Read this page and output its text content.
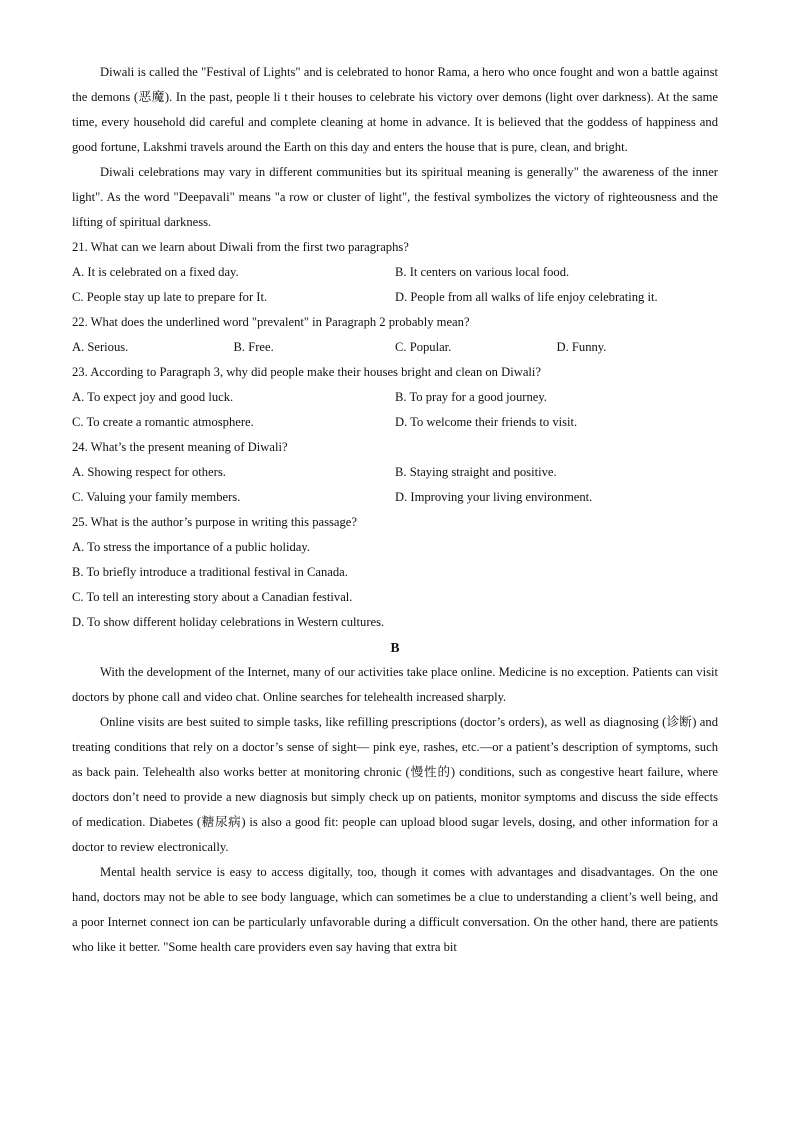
Diwali is called the "Festival of Lights" and is celebrated to honor Rama, a hero who once fought and won a battle against the demons (恶魔). In the past, people li t their houses to celebrate his victory over demons (light over darkness). At the same time, every household did careful and complete cleaning at home in advance. It is believed that the goddess of happiness and good fortune, Lakshmi travels around the Earth on this day and enters the house that is pure, clean, and bright.

Diwali celebrations may vary in different communities but its spiritual meaning is generally" the awareness of the inner light". As the word "Deepavali" means "a row or cluster of light", the festival symbolizes the victory of righteousness and the lifting of spiritual darkness.

21. What can we learn about Diwali from the first two paragraphs?
A. It is celebrated on a fixed day.	B. It centers on various local food.
C. People stay up late to prepare for It.	D. People from all walks of life enjoy celebrating it.
22. What does the underlined word "prevalent" in Paragraph 2 probably mean?
A. Serious.	B. Free.	C. Popular.	D. Funny.
23. According to Paragraph 3, why did people make their houses bright and clean on Diwali?
A. To expect joy and good luck.	B. To pray for a good journey.
C. To create a romantic atmosphere.	D. To welcome their friends to visit.
24. What’s the present meaning of Diwali?
A. Showing respect for others.	B. Staying straight and positive.
C. Valuing your family members.	D. Improving your living environment.
25. What is the author’s purpose in writing this passage?
A. To stress the importance of a public holiday.
B. To briefly introduce a traditional festival in Canada.
C. To tell an interesting story about a Canadian festival.
D. To show different holiday celebrations in Western cultures.
B

With the development of the Internet, many of our activities take place online. Medicine is no exception. Patients can visit doctors by phone call and video chat. Online searches for telehealth increased sharply.

Online visits are best suited to simple tasks, like refilling prescriptions (doctor’s orders), as well as diagnosing (诊断) and treating conditions that rely on a doctor’s sense of sight— pink eye, rashes, etc.—or a patient’s description of symptoms, such as back pain. Telehealth also works better at monitoring chronic (慢性的) conditions, such as congestive heart failure, where doctors don’t need to provide a new diagnosis but simply check up on patients, monitor symptoms and discuss the side effects of medication. Diabetes (糖尿病) is also a good fit: people can upload blood sugar levels, dosing, and other information for a doctor to review electronically.

Mental health service is easy to access digitally, too, though it comes with advantages and disadvantages. On the one hand, doctors may not be able to see body language, which can sometimes be a clue to understanding a client’s well being, and a poor Internet connect ion can be particularly unfavorable during a difficult conversation. On the other hand, there are patients who like it better. "Some health care providers even say having that extra bit
